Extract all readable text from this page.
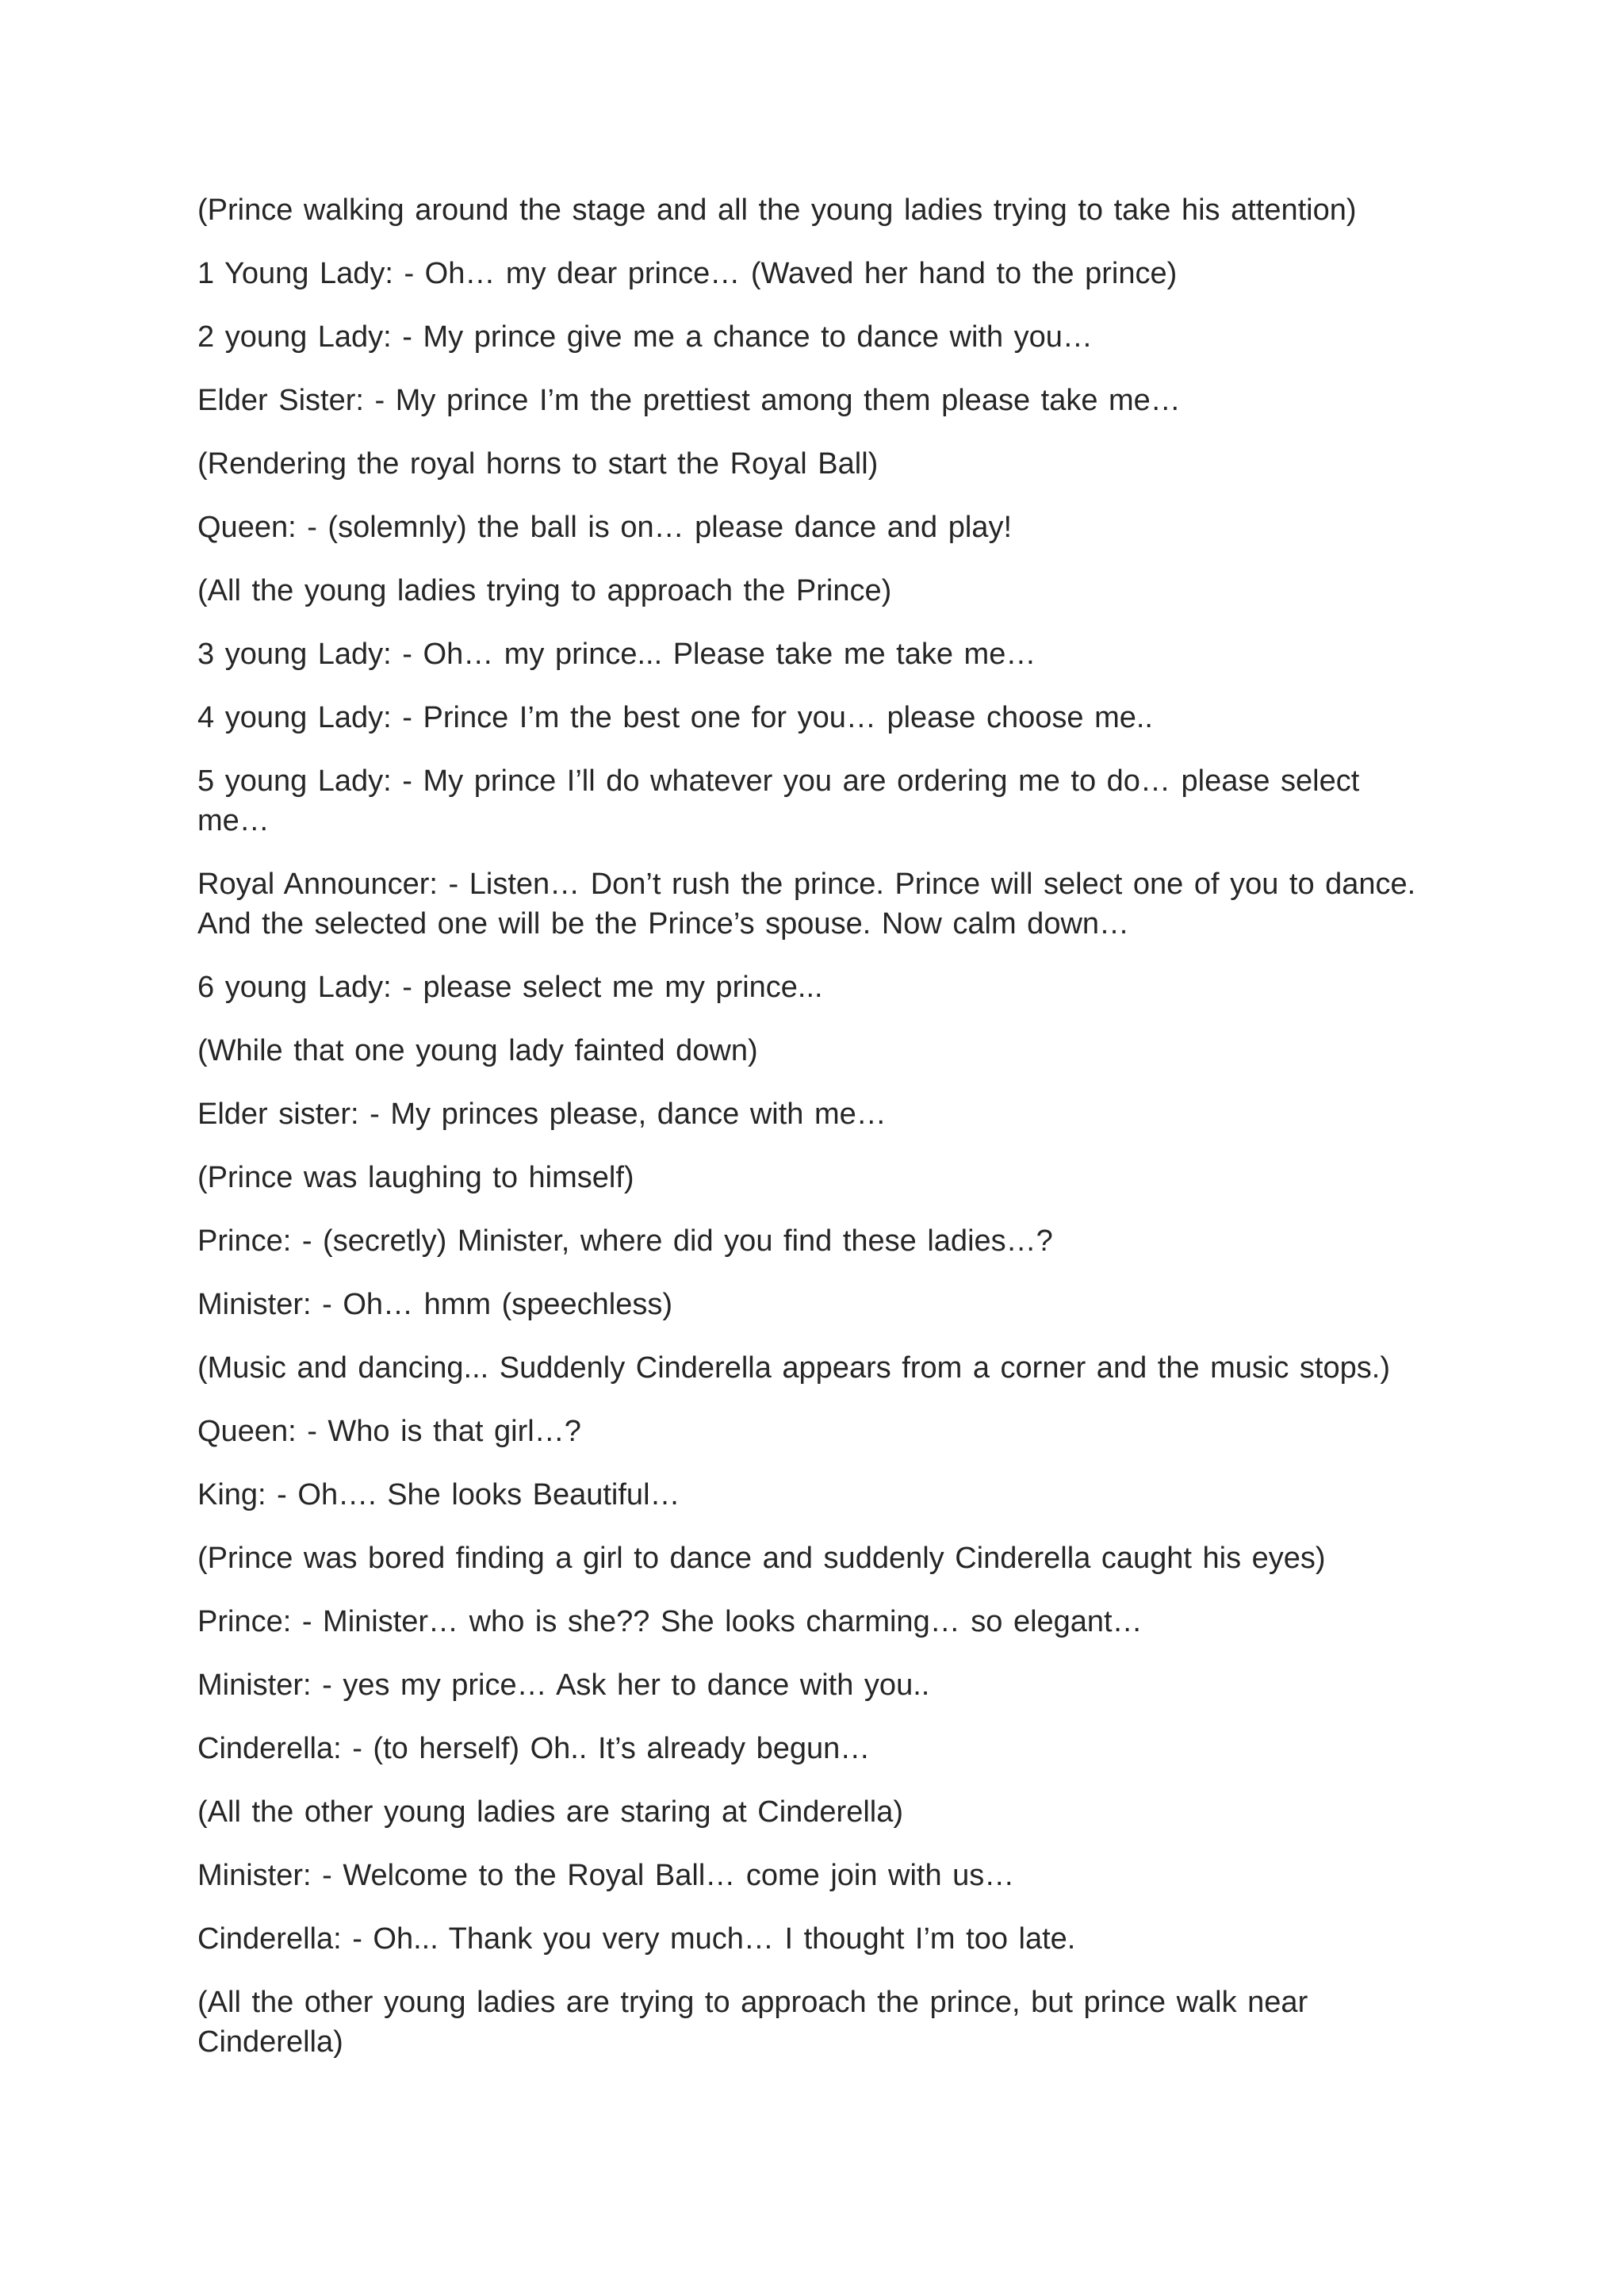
(Prince walking around the stage and all the young ladies trying to take his attention)

1 Young Lady: - Oh… my dear prince… (Waved her hand to the prince)

2 young Lady: - My prince give me a chance to dance with you…

Elder Sister: - My prince I’m the prettiest among them please take me…

(Rendering the royal horns to start the Royal Ball)

Queen: - (solemnly) the ball is on… please dance and play!

(All the young ladies trying to approach the Prince)

3 young Lady: - Oh… my prince... Please take me take me…

4 young Lady: - Prince I’m the best one for you… please choose me..

5 young Lady: - My prince I’ll do whatever you are ordering me to do… please select me…

Royal Announcer: - Listen… Don’t rush the prince. Prince will select one of you to dance. And the selected one will be the Prince’s spouse. Now calm down…

6 young Lady: - please select me my prince...

(While that one young lady fainted down)

Elder sister: - My princes please, dance with me…

(Prince was laughing to himself)

Prince: - (secretly) Minister, where did you find these ladies…?

Minister: - Oh… hmm (speechless)

(Music and dancing... Suddenly Cinderella appears from a corner and the music stops.)

Queen: - Who is that girl…?

King: - Oh…. She looks Beautiful…

(Prince was bored finding a girl to dance and suddenly Cinderella caught his eyes)

Prince: - Minister… who is she?? She looks charming… so elegant…

Minister: - yes my price… Ask her to dance with you..

Cinderella: - (to herself) Oh.. It’s already begun…

(All the other young ladies are staring at Cinderella)

Minister: - Welcome to the Royal Ball… come join with us…

Cinderella: - Oh... Thank you very much… I thought I’m too late.

(All the other young ladies are trying to approach the prince, but prince walk near Cinderella)
